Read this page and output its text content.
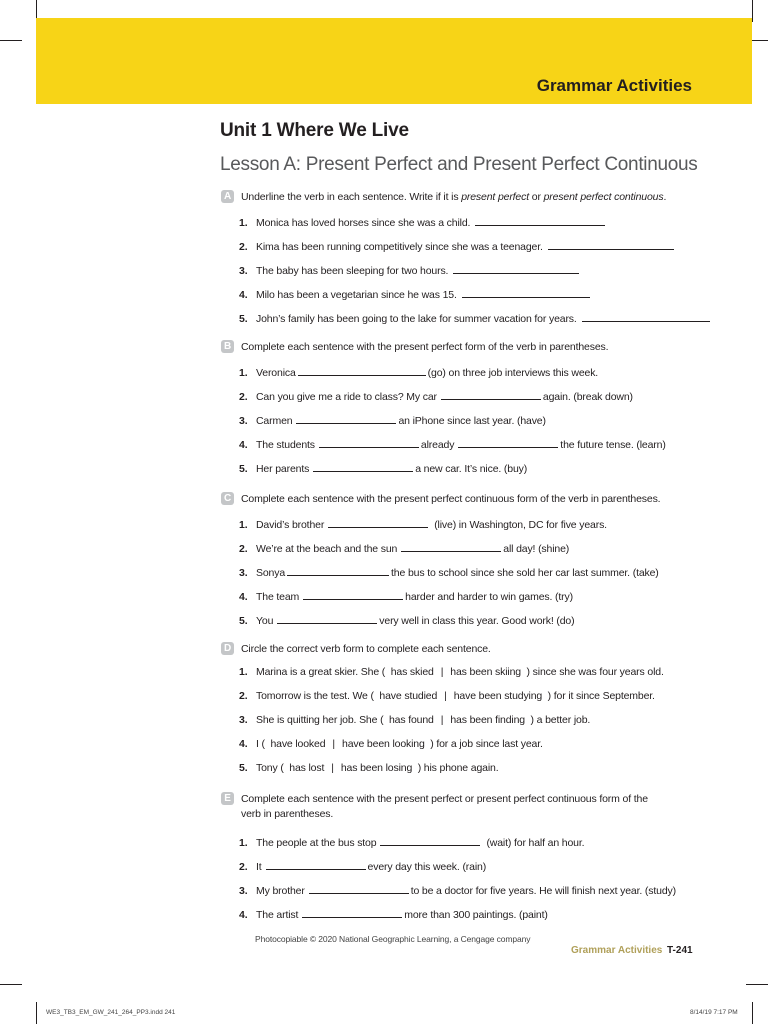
Grammar Activities
Unit 1 Where We Live
Lesson A: Present Perfect and Present Perfect Continuous
A Underline the verb in each sentence. Write if it is present perfect or present perfect continuous.
1. Monica has loved horses since she was a child.
2. Kima has been running competitively since she was a teenager.
3. The baby has been sleeping for two hours.
4. Milo has been a vegetarian since he was 15.
5. John’s family has been going to the lake for summer vacation for years.
B Complete each sentence with the present perfect form of the verb in parentheses.
1. Veronica	(go) on three job interviews this week.
2. Can you give me a ride to class? My car	again. (break down)
3. Carmen	an iPhone since last year. (have)
4. The students	already	the future tense. (learn)
5. Her parents	a new car. It’s nice. (buy)
C Complete each sentence with the present perfect continuous form of the verb in parentheses.
1. David’s brother	(live) in Washington, DC for five years.
2. We’re at the beach and the sun	all day! (shine)
3. Sonya	the bus to school since she sold her car last summer. (take)
4. The team	harder and harder to win games. (try)
5. You	very well in class this year. Good work! (do)
D Circle the correct verb form to complete each sentence.
1. Marina is a great skier. She (
has skied | has been skiing
) since she was four years old.
2. Tomorrow is the test. We (
have studied | have been studying
) for it since September.
3. She is quitting her job. She (
has found | has been finding
) a better job.
4. I (
have looked | have been looking
) for a job since last year.
5. Tony (
has lost | has been losing
) his phone again.
E Complete each sentence with the present perfect or present perfect continuous form of the verb in parentheses.
1. The people at the bus stop	(wait) for half an hour.
2. It	every day this week. (rain)
3. My brother	to be a doctor for five years. He will finish next year. (study)
4. The artist	more than 300 paintings. (paint)
Photocopiable © 2020 National Geographic Learning, a Cengage company
Grammar Activities T-241
WE3_TB3_EM_GW_241_264_PP3.indd 241	8/14/19 7:17 PM
